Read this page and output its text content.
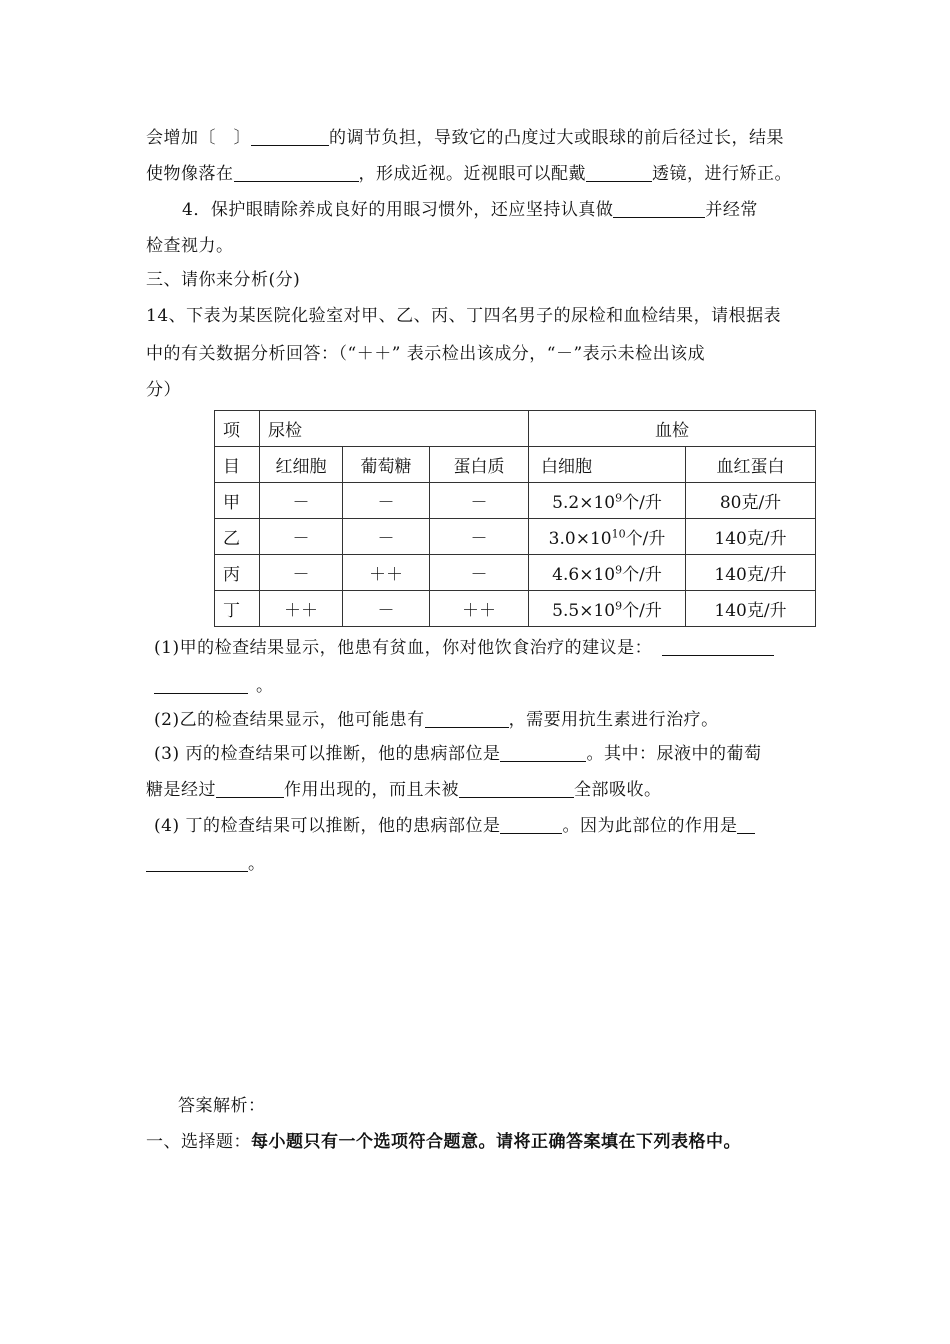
会增加〔　〕	的调节负担，导致它的凸度过大或眼球的前后径过长，结果
使物像落在	，形成近视。近视眼可以配戴	透镜，进行矫正。
4．保护眼睛除养成良好的用眼习惯外，还应坚持认真做	并经常
检查视力。
三、请你来分析(分)
14、下表为某医院化验室对甲、乙、丙、丁四名男子的尿检和血检结果，请根据表
中的有关数据分析回答：（“＋＋” 表示检出该成分，“－”表示未检出该成
分）
项	尿检			血检	
目	红细胞	葡萄糖	蛋白质	白细胞	血红蛋白
甲	－	－	－	$5.2\times 10^9$个/升	80克/升
乙	－	－	－	$3.0\times 10^{10}$个/升	140克/升
丙	－	＋＋	－	$4.6\times 10^9$个/升	140克/升
丁	＋＋	－	＋＋	$5.5\times 10^9$个/升	140克/升
(1)甲的检查结果显示，他患有贫血，你对他饮食治疗的建议是：
。
(2)乙的检查结果显示，他可能患有	，需要用抗生素进行治疗。
(3) 丙的检查结果可以推断，他的患病部位是	。其中：尿液中的葡萄
糖是经过	作用出现的，而且未被	全部吸收。
(4) 丁的检查结果可以推断，他的患病部位是	。因为此部位的作用是
。
答案解析：
一、选择题：每小题只有一个选项符合题意。请将正确答案填在下列表格中。
